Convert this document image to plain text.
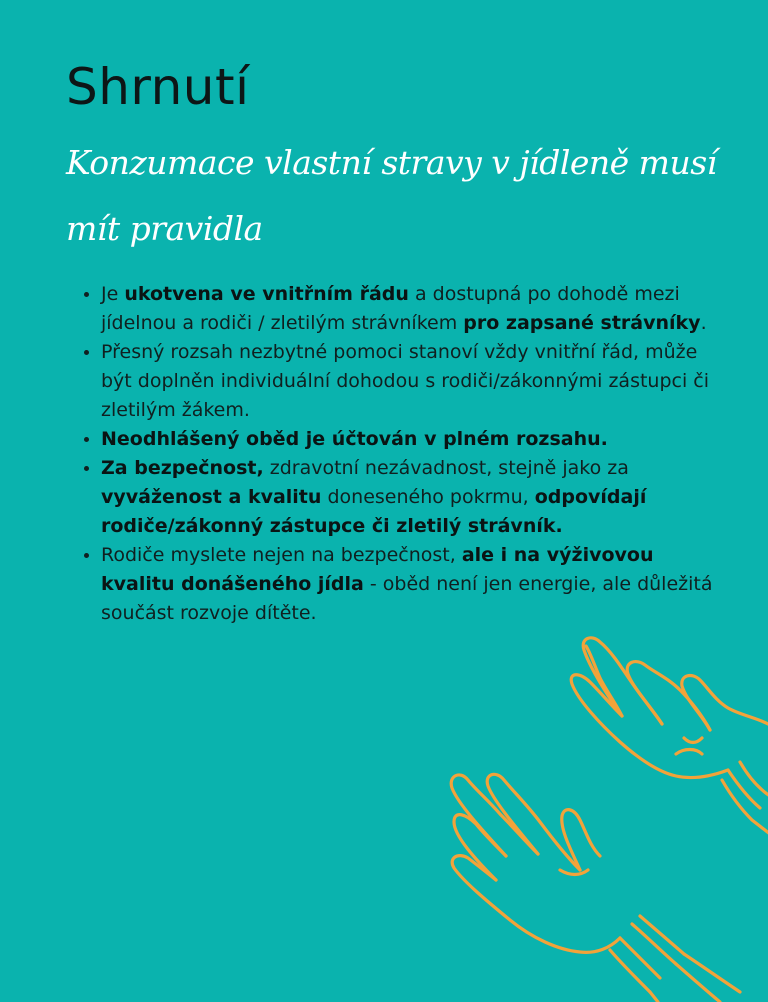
Shrnutí

Konzumace vlastní stravy v jídleně musí mít pravidla

• Je ukotvena ve vnitřním řádu a dostupná po dohodě mezi jídelnou a rodiči / zletilým strávníkem pro zapsané strávníky.
• Přesný rozsah nezbytné pomoci stanoví vždy vnitřní řád, může být doplněn individuální dohodou s rodiči/zákonnými zástupci či zletilým žákem.
• Neodhlášený oběd je účtován v plném rozsahu.
• Za bezpečnost, zdravotní nezávadnost, stejně jako za vyváženost a kvalitu doneseného pokrmu, odpovídají rodiče/zákonný zástupce či zletilý strávník.
• Rodiče myslete nejen na bezpečnost, ale i na výživovou kvalitu donášeného jídla - oběd není jen energie, ale důležitá součást rozvoje dítěte.
